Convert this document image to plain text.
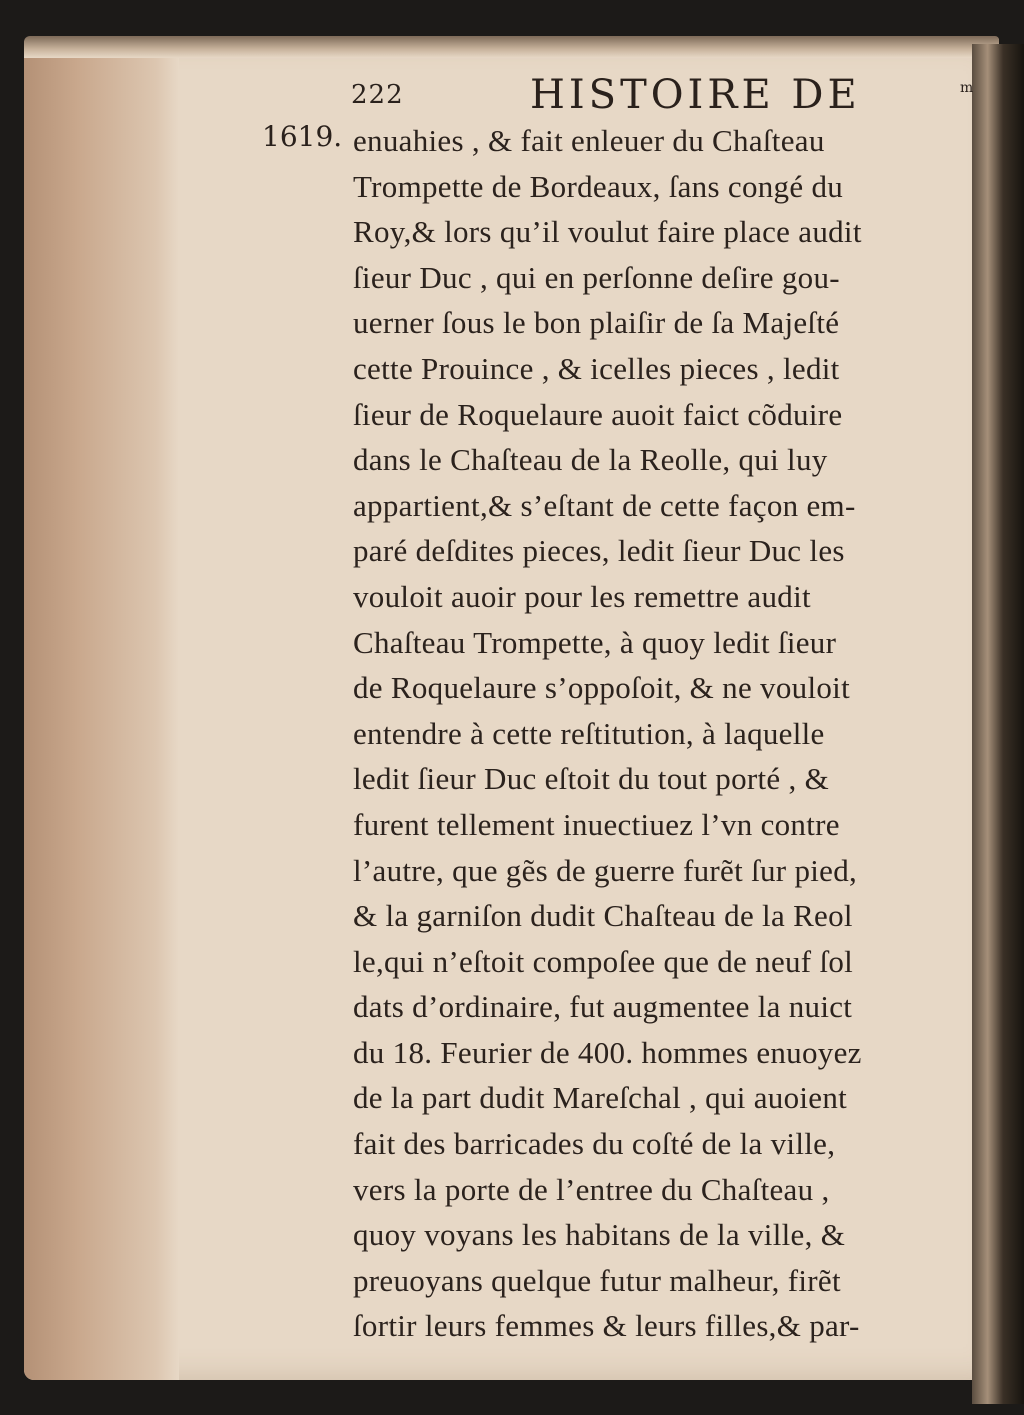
222	HISTOIRE DE	m
1619. enuahies , & fait enleuer du Chaſteau
Trompette de Bordeaux, ſans congé du
Roy,& lors qu’il voulut faire place audit
ſieur Duc , qui en perſonne deſire gou-
uerner ſous le bon plaiſir de ſa Majeſté
cette Prouince , & icelles pieces , ledit
ſieur de Roquelaure auoit faict cõduire
dans le Chaſteau de la Reolle, qui luy
appartient,& s’eſtant de cette façon em-
paré deſdites pieces, ledit ſieur Duc les
vouloit auoir pour les remettre audit
Chaſteau Trompette, à quoy ledit ſieur
de Roquelaure s’oppoſoit, & ne vouloit
entendre à cette reſtitution, à laquelle
ledit ſieur Duc eſtoit du tout porté , &
furent tellement inuectiuez l’vn contre
l’autre, que gẽs de guerre furẽt ſur pied,
& la garniſon dudit Chaſteau de la Reol
le,qui n’eſtoit compoſee que de neuf ſol
dats d’ordinaire, fut augmentee la nuict
du 18. Feurier de 400. hommes enuoyez
de la part dudit Mareſchal , qui auoient
fait des barricades du coſté de la ville,
vers la porte de l’entree du Chaſteau ,
quoy voyans les habitans de la ville, &
preuoyans quelque futur malheur, firẽt
ſortir leurs femmes & leurs filles,& par-
